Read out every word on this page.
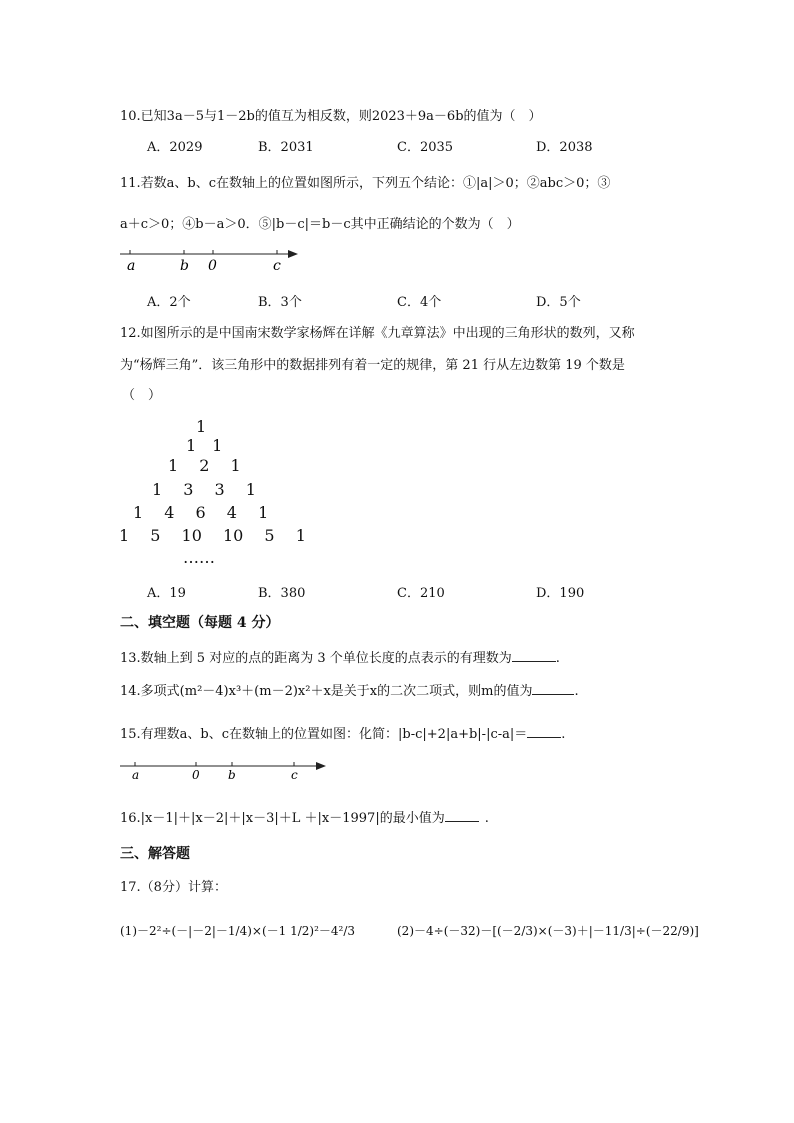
10.已知3a－5与1－2b的值互为相反数，则2023＋9a－6b的值为（　）
A．2029	B．2031	C．2035	D．2038
11.若数a、b、c在数轴上的位置如图所示，下列五个结论：①|a|＞0；②abc＞0；③
a＋c＞0；④b－a＞0．⑤|b－c|＝b－c其中正确结论的个数为（　）
a	b 0	c
A．2个	B．3个	C．4个	D．5个
12.如图所示的是中国南宋数学家杨辉在详解《九章算法》中出现的三角形状的数列，又称
为“杨辉三角”．该三角形中的数据排列有着一定的规律，第 21 行从左边数第 19 个数是
（　）
1
1　1
1　 2　 1
1　 3　 3　 1
1　 4　 6　 4　 1
1　 5　 10　 10　 5　 1
……
A．19	B．380	C．210	D．190
二、填空题（每题 4 分）
13.数轴上到 5 对应的点的距离为 3 个单位长度的点表示的有理数为	.
14.多项式(m²－4)x³＋(m－2)x²＋x是关于x的二次二项式，则m的值为	.
15.有理数a、b、c在数轴上的位置如图：化简：|b-c|+2|a+b|-|c-a|＝	.
a	0 b	c
16.|x－1|＋|x－2|＋|x－3|＋L ＋|x－1997|的最小值为	.
三、解答题
17.（8分）计算：
(1)－2²÷(－|－2|－1/4)×(－1 1/2)²－4²/3	(2)－4÷(－32)－[(－2/3)×(－3)＋|－11/3|÷(－22/9)]
